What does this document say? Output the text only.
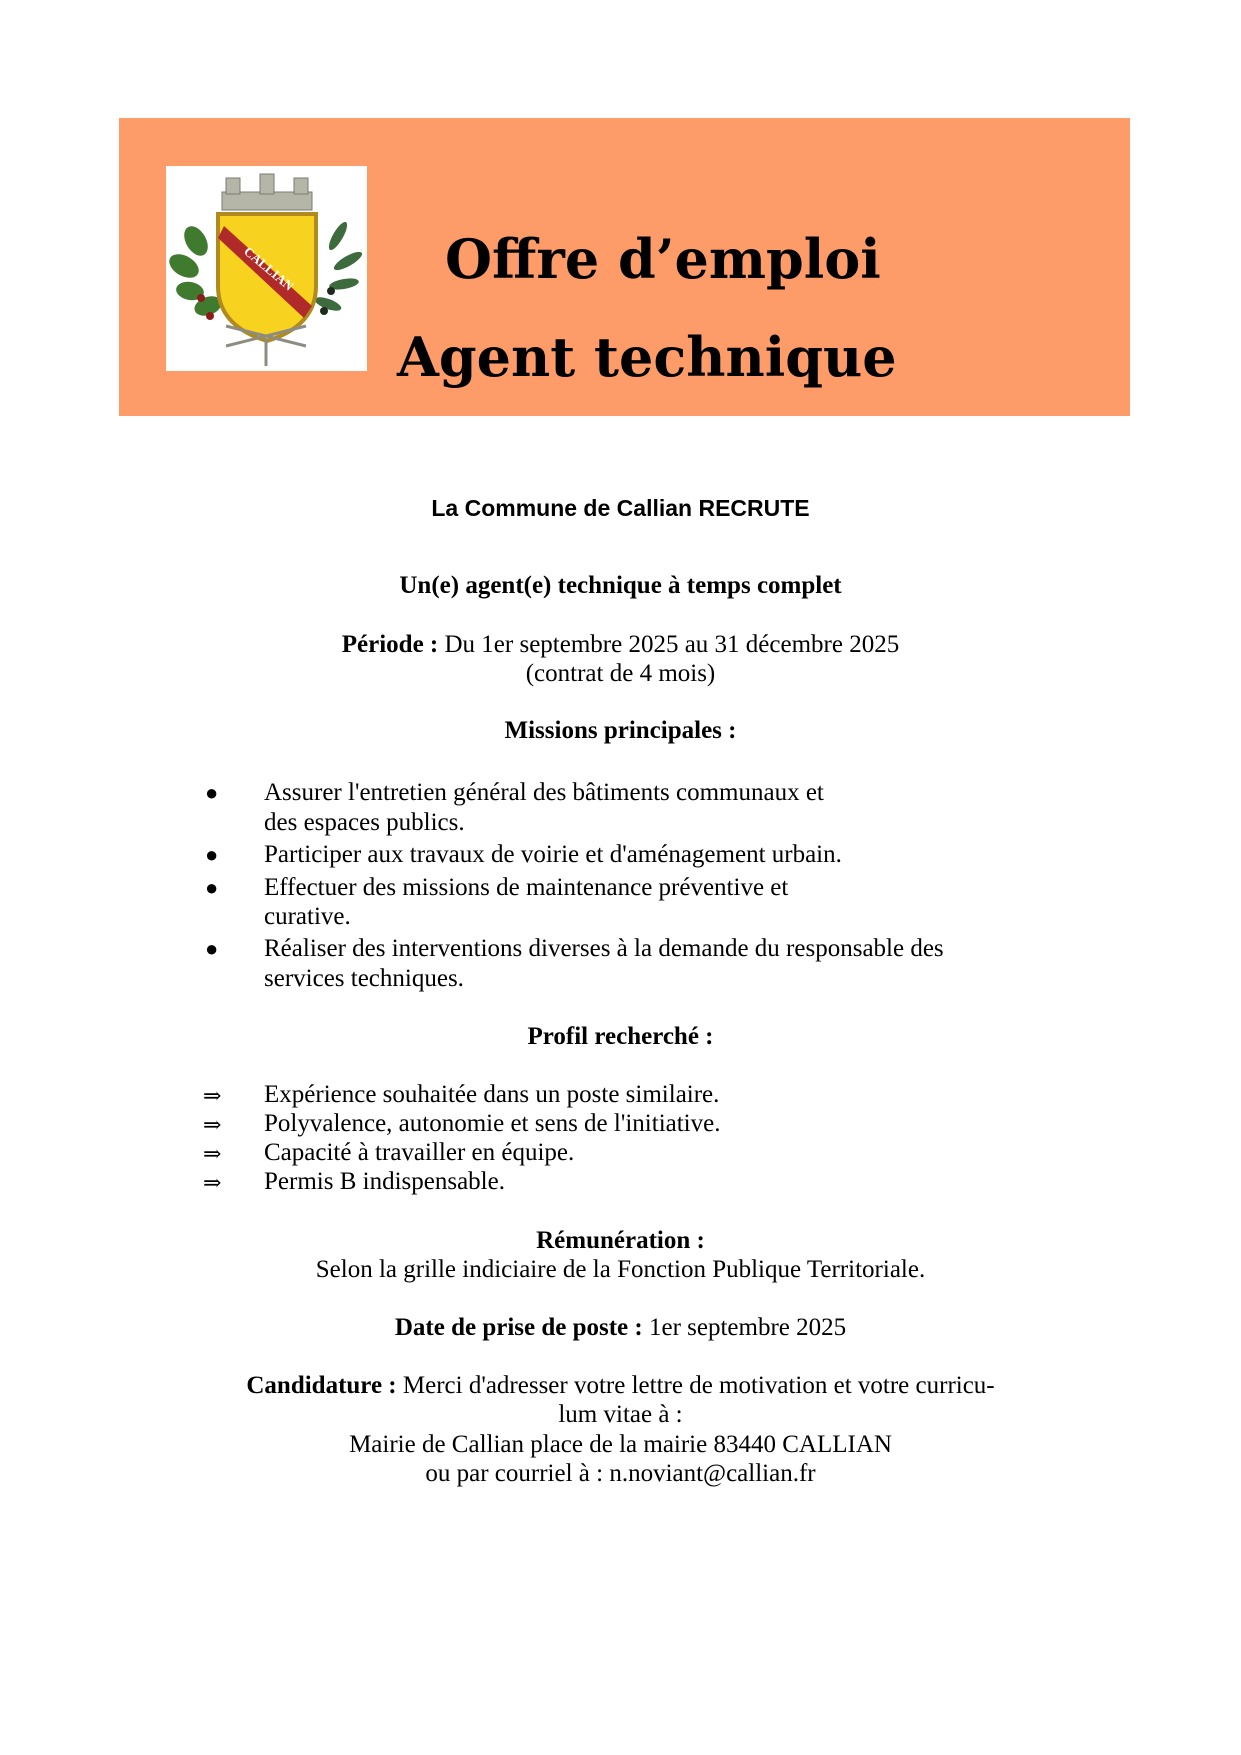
CALLIAN	Offre d’emploi
Agent technique
La Commune de Callian RECRUTE
Un(e) agent(e) technique à temps complet
Période : Du 1er septembre 2025 au 31 décembre 2025
(contrat de 4 mois)
Missions principales :
● Assurer l'entretien général des bâtiments communaux et
des espaces publics.
● Participer aux travaux de voirie et d'aménagement urbain.
● Effectuer des missions de maintenance préventive et
curative.
● Réaliser des interventions diverses à la demande du responsable des
services techniques.
Profil recherché :
⇒ Expérience souhaitée dans un poste similaire.
⇒ Polyvalence, autonomie et sens de l'initiative.
⇒ Capacité à travailler en équipe.
⇒ Permis B indispensable.
Rémunération :
Selon la grille indiciaire de la Fonction Publique Territoriale.
Date de prise de poste : 1er septembre 2025
Candidature : Merci d'adresser votre lettre de motivation et votre curricu-
lum vitae à :
Mairie de Callian place de la mairie 83440 CALLIAN
ou par courriel à : n.noviant@callian.fr
